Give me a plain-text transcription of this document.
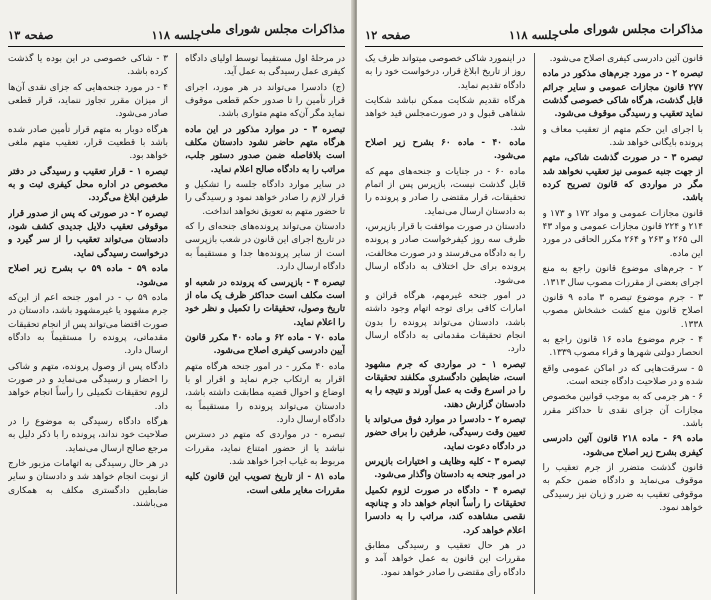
مذاکرات مجلس شورای ملی
جلسه ۱۱۸
صفحه ۱۳

در مرحلهٔ اول مستقیماً توسط اولیای دادگاه کیفری عمل رسیدگی به عمل آید.

(ج) دادسرا می‌تواند در هر مورد، اجرای قرار تأمین را تا صدور حکم قطعی موقوف نماید مگر آن‌که متهم متواری باشد.

تبصره ۳ - در موارد مذکور در این ماده هرگاه متهم حاضر نشود دادستان مکلف است بلافاصله ضمن صدور دستور جلب، مراتب را به دادگاه صالح اعلام نماید.

در سایر موارد دادگاه جلسه را تشکیل و قرار لازم را صادر خواهد نمود و رسیدگی را تا حضور متهم به تعویق نخواهد انداخت.

دادستان می‌تواند پرونده‌های جنحه‌ای را که در تاریخ اجرای این قانون در شعب بازپرسی است از سایر پرونده‌ها جدا و مستقیماً به دادگاه ارسال دارد.

تبصره ۴ - بازپرسی که پرونده در شعبه او است مکلف است حداکثر ظرف یک ماه از تاریخ وصول، تحقیقات را تکمیل و نظر خود را اعلام نماید.

ماده ۷۰ - ماده ۶۲ و ماده ۴۰ مکرر قانون آیین دادرسی کیفری اصلاح می‌شود.

ماده ۴۰ مکرر - در امور جنحه هرگاه متهم اقرار به ارتکاب جرم نماید و اقرار او با اوضاع و احوال قضیه مطابقت داشته باشد، دادستان می‌تواند پرونده را مستقیماً به دادگاه ارسال دارد.

تبصره - در مواردی که متهم در دسترس نباشد یا از حضور امتناع نماید، مقررات مربوط به غیاب اجرا خواهد شد.

ماده ۸۱ - از تاریخ تصویب این قانون کلیه مقررات مغایر ملغی است.

۳ - شاکی خصوصی در این بوده یا گذشت کرده باشد.

۴ - در مورد جنحه‌هایی که جزای نقدی آن‌ها از میزان مقرر تجاوز ننماید، قرار قطعی صادر می‌شود.

هرگاه دوبار به متهم قرار تأمین صادر شده باشد با قطعیت قرار، تعقیب متهم ملغی خواهد بود.

تبصره ۱ - قرار تعقیب و رسیدگی در دفتر مخصوص در اداره محل کیفری ثبت و به طرفین ابلاغ می‌گردد.

تبصره ۲ - در صورتی که پس از صدور قرار موقوفی تعقیب دلایل جدیدی کشف شود، دادستان می‌تواند تعقیب را از سر گیرد و درخواست رسیدگی نماید.

ماده ۵۹ - ماده ۵۹ ب بشرح زیر اصلاح می‌شود.

ماده ۵۹ ب - در امور جنحه اعم از این‌که جرم مشهود یا غیرمشهود باشد، دادستان در صورت اقتضا می‌تواند پس از انجام تحقیقات مقدماتی، پرونده را مستقیماً به دادگاه ارسال دارد.

دادگاه پس از وصول پرونده، متهم و شاکی را احضار و رسیدگی می‌نماید و در صورت لزوم تحقیقات تکمیلی را رأساً انجام خواهد داد.

هرگاه دادگاه رسیدگی به موضوع را در صلاحیت خود نداند، پرونده را با ذکر دلیل به مرجع صالح ارسال می‌نماید.

در هر حال رسیدگی به اتهامات مزبور خارج از نوبت انجام خواهد شد و دادستان و سایر ضابطین دادگستری مکلف به همکاری می‌باشند.

مذاکرات مجلس شورای ملی
جلسه ۱۱۸
صفحه ۱۲

قانون آئین دادرسی کیفری اصلاح می‌شود.

تبصره ۲ - در مورد جرم‌های مذکور در ماده ۲۷۷ قانون مجازات عمومی و سایر جرائم قابل گذشت، هرگاه شاکی خصوصی گذشت نماید تعقیب و رسیدگی موقوف می‌شود.

با اجرای این حکم متهم از تعقیب معاف و پرونده بایگانی خواهد شد.

تبصره ۳ - در صورت گذشت شاکی، متهم از جهت جنبه عمومی نیز تعقیب نخواهد شد مگر در مواردی که قانون تصریح کرده باشد.

قانون مجازات عمومی و مواد ۱۷۲ و ۱۷۳ و ۲۱۴ و ۲۲۴ قانون مجازات عمومی و مواد ۴۳ الی ۲۶۵ و ۲۶۳ و ۲۶۴ مکرر الحاقی در مورد این ماده.

۲ - جرم‌های موضوع قانون راجع به منع اجرای بعضی از مقررات مصوب سال ۱۳۱۳.

۳ - جرم موضوع تبصره ۳ ماده ۹ قانون اصلاح قانون منع کشت خشخاش مصوب ۱۳۳۸.

۴ - جرم موضوع ماده ۱۶ قانون راجع به انحصار دولتی شهرها و قراء مصوب ۱۳۳۹.

۵ - سرقت‌هایی که در اماکن عمومی واقع شده و در صلاحیت دادگاه جنحه است.

۶ - هر جرمی که به موجب قوانین مخصوص مجازات آن جزای نقدی تا حداکثر مقرر باشد.

ماده ۶۹ - ماده ۲۱۸ قانون آئین دادرسی کیفری بشرح زیر اصلاح می‌شود.

قانون گذشت متضرر از جرم تعقیب را موقوف می‌نماید و دادگاه ضمن حکم به موقوفی تعقیب به ضرر و زیان نیز رسیدگی خواهد نمود.

در اینمورد شاکی خصوصی میتواند ظرف یک روز از تاریخ ابلاغ قرار، درخواست خود را به دادگاه تقدیم نماید.

هرگاه تقدیم شکایت ممکن نباشد شکایت شفاهی قبول و در صورت‌مجلس قید خواهد شد.

ماده ۴۰ - ماده ۶۰ بشرح زیر اصلاح می‌شود.

ماده ۶۰ - در جنایات و جنحه‌های مهم که قابل گذشت نیست، بازپرس پس از اتمام تحقیقات، قرار مقتضی را صادر و پرونده را به دادستان ارسال می‌نماید.

دادستان در صورت موافقت با قرار بازپرس، ظرف سه روز کیفرخواست صادر و پرونده را به دادگاه می‌فرستد و در صورت مخالفت، پرونده برای حل اختلاف به دادگاه ارسال می‌شود.

در امور جنحه غیرمهم، هرگاه قرائن و امارات کافی برای توجه اتهام وجود داشته باشد، دادستان می‌تواند پرونده را بدون انجام تحقیقات مقدماتی به دادگاه ارسال دارد.

تبصره ۱ - در مواردی که جرم مشهود است، ضابطین دادگستری مکلفند تحقیقات را در اسرع وقت به عمل آورند و نتیجه را به دادستان گزارش دهند.

تبصره ۲ - دادسرا در موارد فوق می‌تواند با تعیین وقت رسیدگی، طرفین را برای حضور در دادگاه دعوت نماید.

تبصره ۳ - کلیه وظایف و اختیارات بازپرس در امور جنحه به دادستان واگذار می‌شود.

تبصره ۴ - دادگاه در صورت لزوم تکمیل تحقیقات را رأساً انجام خواهد داد و چنانچه نقصی مشاهده کند، مراتب را به دادسرا اعلام خواهد کرد.

در هر حال تعقیب و رسیدگی مطابق مقررات این قانون به عمل خواهد آمد و دادگاه رأی مقتضی را صادر خواهد نمود.
